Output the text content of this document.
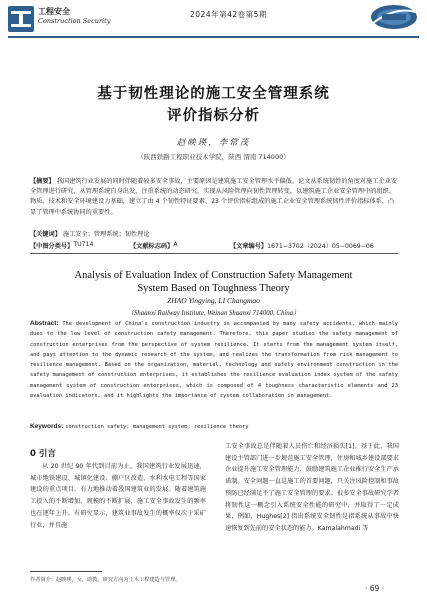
工程安全
Construction Security
2024年第42卷第5期
基于韧性理论的施工安全管理系统
评价指标分析
赵映瑛，李常茂
（陕西铁路工程职业技术学院，陕西 渭南 714000）
【摘要】 我国建筑行业发展的同时伴随着较多安全事故，主要原因是建筑施工安全管理水平偏低。论文从系统韧性的角度对施工企业安全管理进行研究，从管理系统自身出发，注重系统的动态研究，实现从风险管理向韧性管理转变，以建筑施工企业安全管理中的组织、物质、技术和安全环境建设力基础，建立了由 4 个韧性特征要素、23 个评价指标组成的施工企业安全管理系统韧性评价指标体系，凸显了管理中系统协同的重要性。
【关键词】 施工安全；管理系统；韧性理论
【中图分类号】 TU714	【文献标志码】 A	【文章编号】 1671−3702（2024）05−0069−06
Analysis of Evaluation Index of Construction Safety Management
System Based on Toughness Theory
ZHAO Yingying, LI Changmao
（Shaanxi Railway Institute, Weinan Shaanxi 714000, China）
Abstract: The development of China's construction industry is accompanied by many safety accidents, which mainly dues to the low level of construction safety management. Therefore, this paper studies the safety management of construction enterprises from the perspective of system resilience. It starts from the management system itself, and pays attention to the dynamic research of the system, and realizes the transformation from risk management to resilience management. Based on the organization, material, technology and safety environment construction in the safety management of construction enterprises, it establishes the resilience evaluation index system of the safety management system of construction enterprises, which is composed of 4 toughness characteristic elements and 23 evaluation indicators, and it highlights the importance of system collaboration in management.
Keywords: construction safety; management system; resilience theory
0 引言
从 20 世纪 90 年代到目前为止，我国建筑行业发展迅速，城市地铁建设、城镇化建设、棚户区改造、水利水电工程等国家建设的重点项目，有力地推动着我国建筑业的发展。随着建筑施工投入的不断增加、规模的不断扩展，施工安全事故发生的频率也在逐年上升。有研究显示，建筑业事故发生的概率仅次于采矿行业，并且施
工安全事故总是伴随着人员伤亡和经济损失[1]。基于此，我国建设主管部门进一步规范施工安全管理，住房和城乡建设部要求企业提升施工安全管理能力，鼓励建筑施工企业推行安全生产承诺制。安全问题一直是施工的首要问题，只关注风险控制和事故预防已经满足不了施工安全管理的要求。很多安全事故研究学者将韧性这一概念引入系统安全性能的研究中，并取得了一定成果，例如，Hughes[2] 指出系统安全韧性是指系统从事故中快速恢复到先前的安全状态的能力。Kamalahmadi 等
作者简介：赵映瑛，女，助教，研究方向为土木工程建造与管理。
· 69 ·
